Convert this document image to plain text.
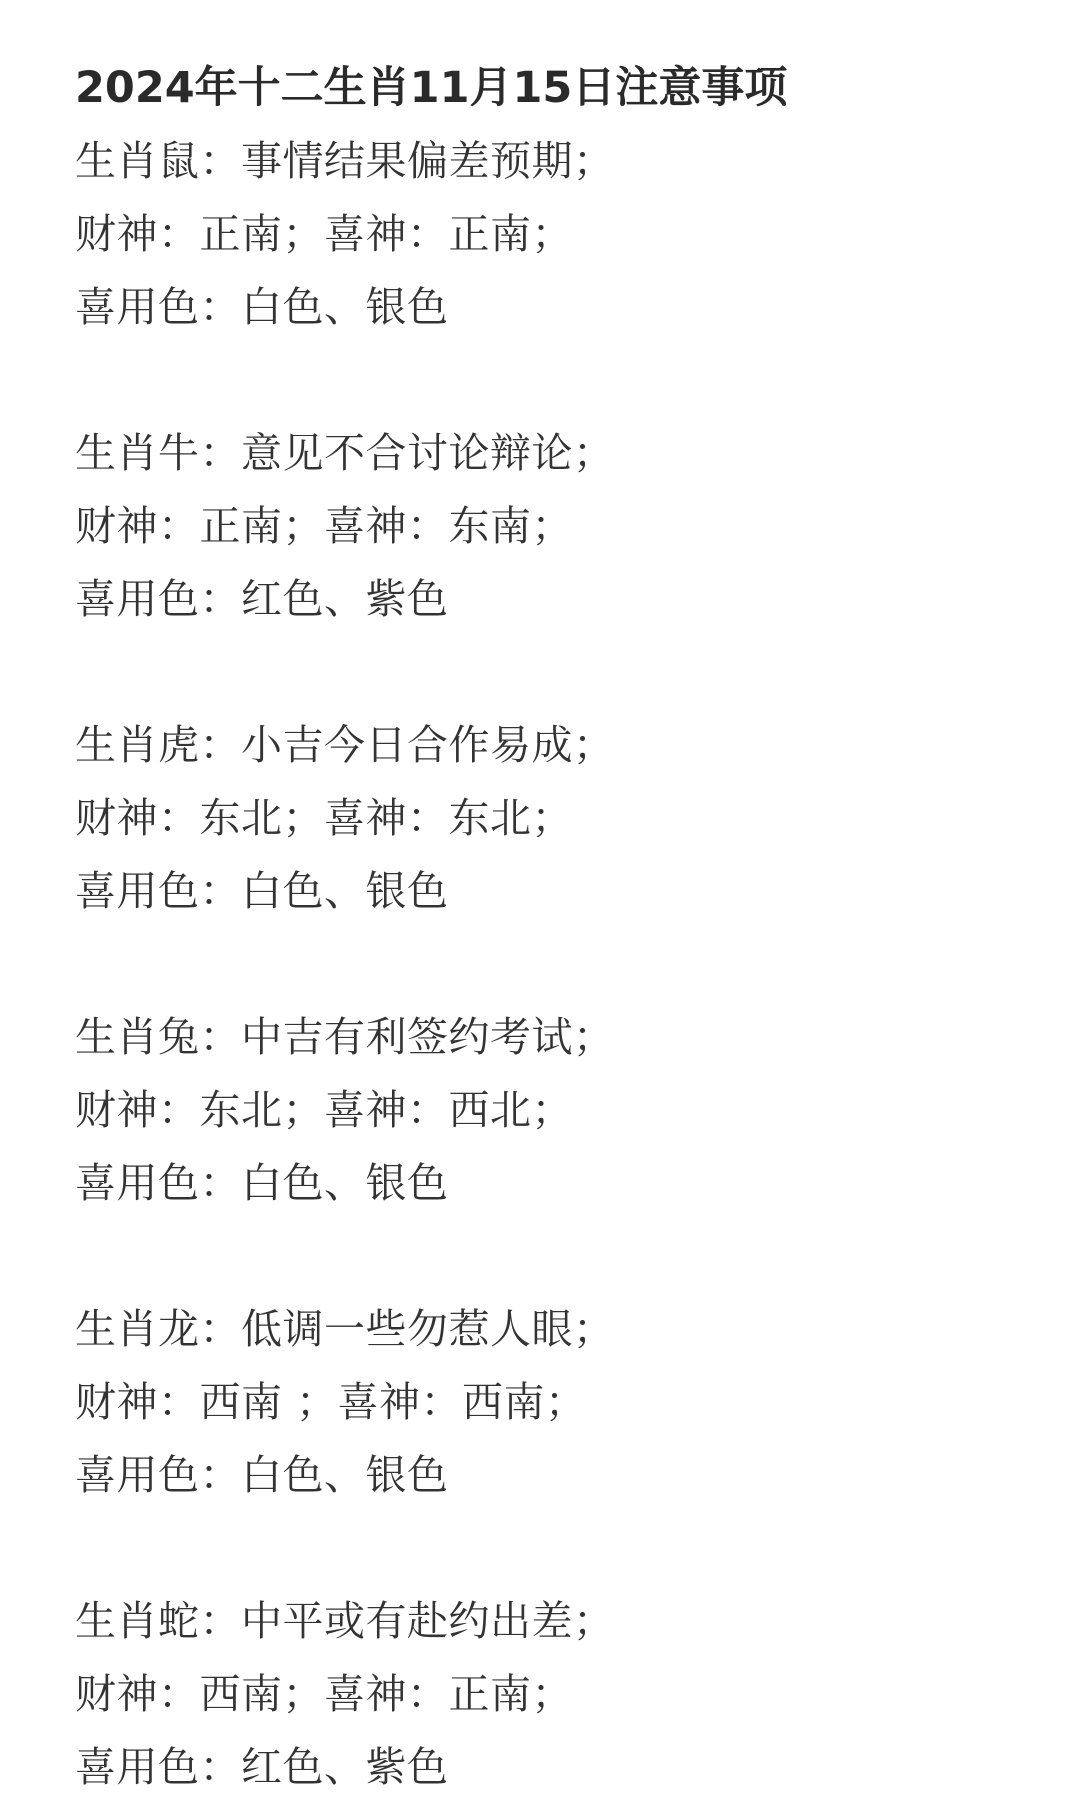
2024年十二生肖11月15日注意事项
生肖鼠：事情结果偏差预期；
财神：正南；喜神：正南；
喜用色：白色、银色
生肖牛：意见不合讨论辩论；
财神：正南；喜神：东南；
喜用色：红色、紫色
生肖虎：小吉今日合作易成；
财神：东北；喜神：东北；
喜用色：白色、银色
生肖兔：中吉有利签约考试；
财神：东北；喜神：西北；
喜用色：白色、银色
生肖龙：低调一些勿惹人眼；
财神：西南 ；喜神：西南；
喜用色：白色、银色
生肖蛇：中平或有赴约出差；
财神：西南；喜神：正南；
喜用色：红色、紫色
